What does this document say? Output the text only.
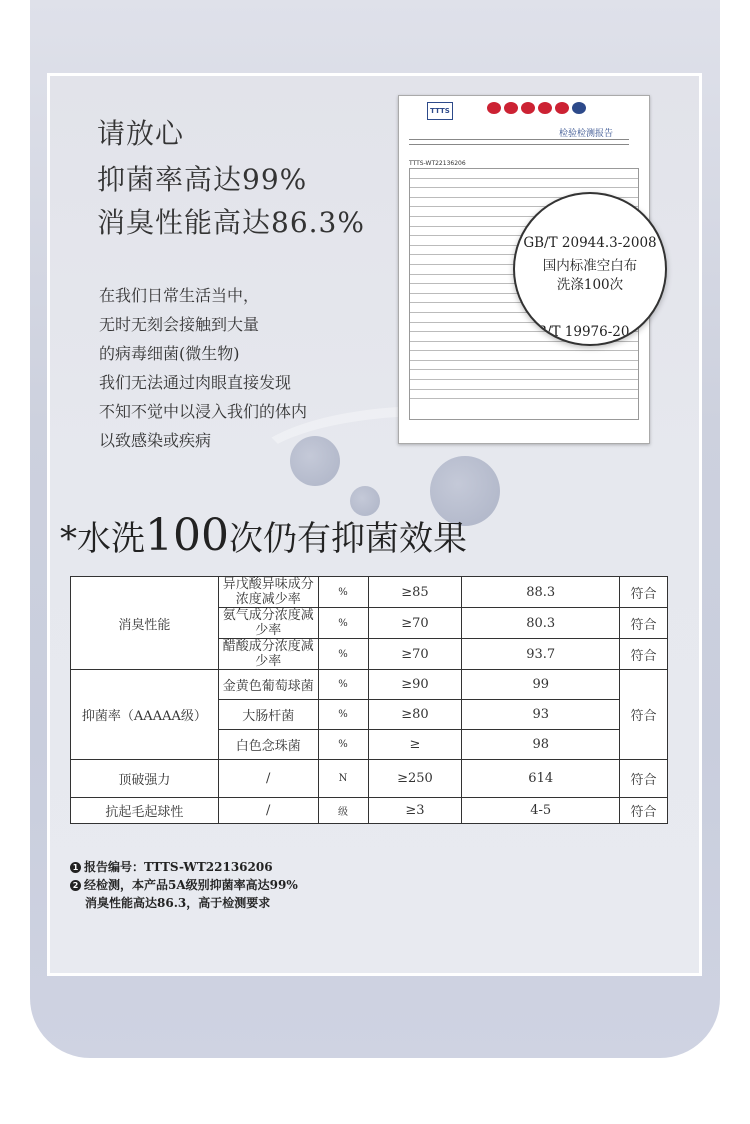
请放心
抑菌率高达99%
消臭性能高达86.3%
在我们日常生活当中，
无时无刻会接触到大量
的病毒细菌(微生物)
我们无法通过肉眼直接发现
不知不觉中以浸入我们的体内
以致感染或疾病
TTTS
检验检测报告
TTTS-WT22136206
GB/T 20944.3-2008
国内标准空白布
洗涤100次
B/T 19976-20
*水洗100次仍有抑菌效果
消臭性能	异戊酸异味成分浓度减少率	%	≥85	88.3	符合
	氨气成分浓度减少率	%	≥70	80.3	符合
	醋酸成分浓度减少率	%	≥70	93.7	符合
抑菌率（AAAAA级）	金黄色葡萄球菌	%	≥90	99	符合
	大肠杆菌	%	≥80	93	
	白色念珠菌	%	≥	98	
顶破强力	/	N	≥250	614	符合
抗起毛起球性	/	级	≥3	4-5	符合
1 报告编号：TTTS-WT22136206
2 经检测，本产品5A级别抑菌率高达99%
消臭性能高达86.3，高于检测要求
